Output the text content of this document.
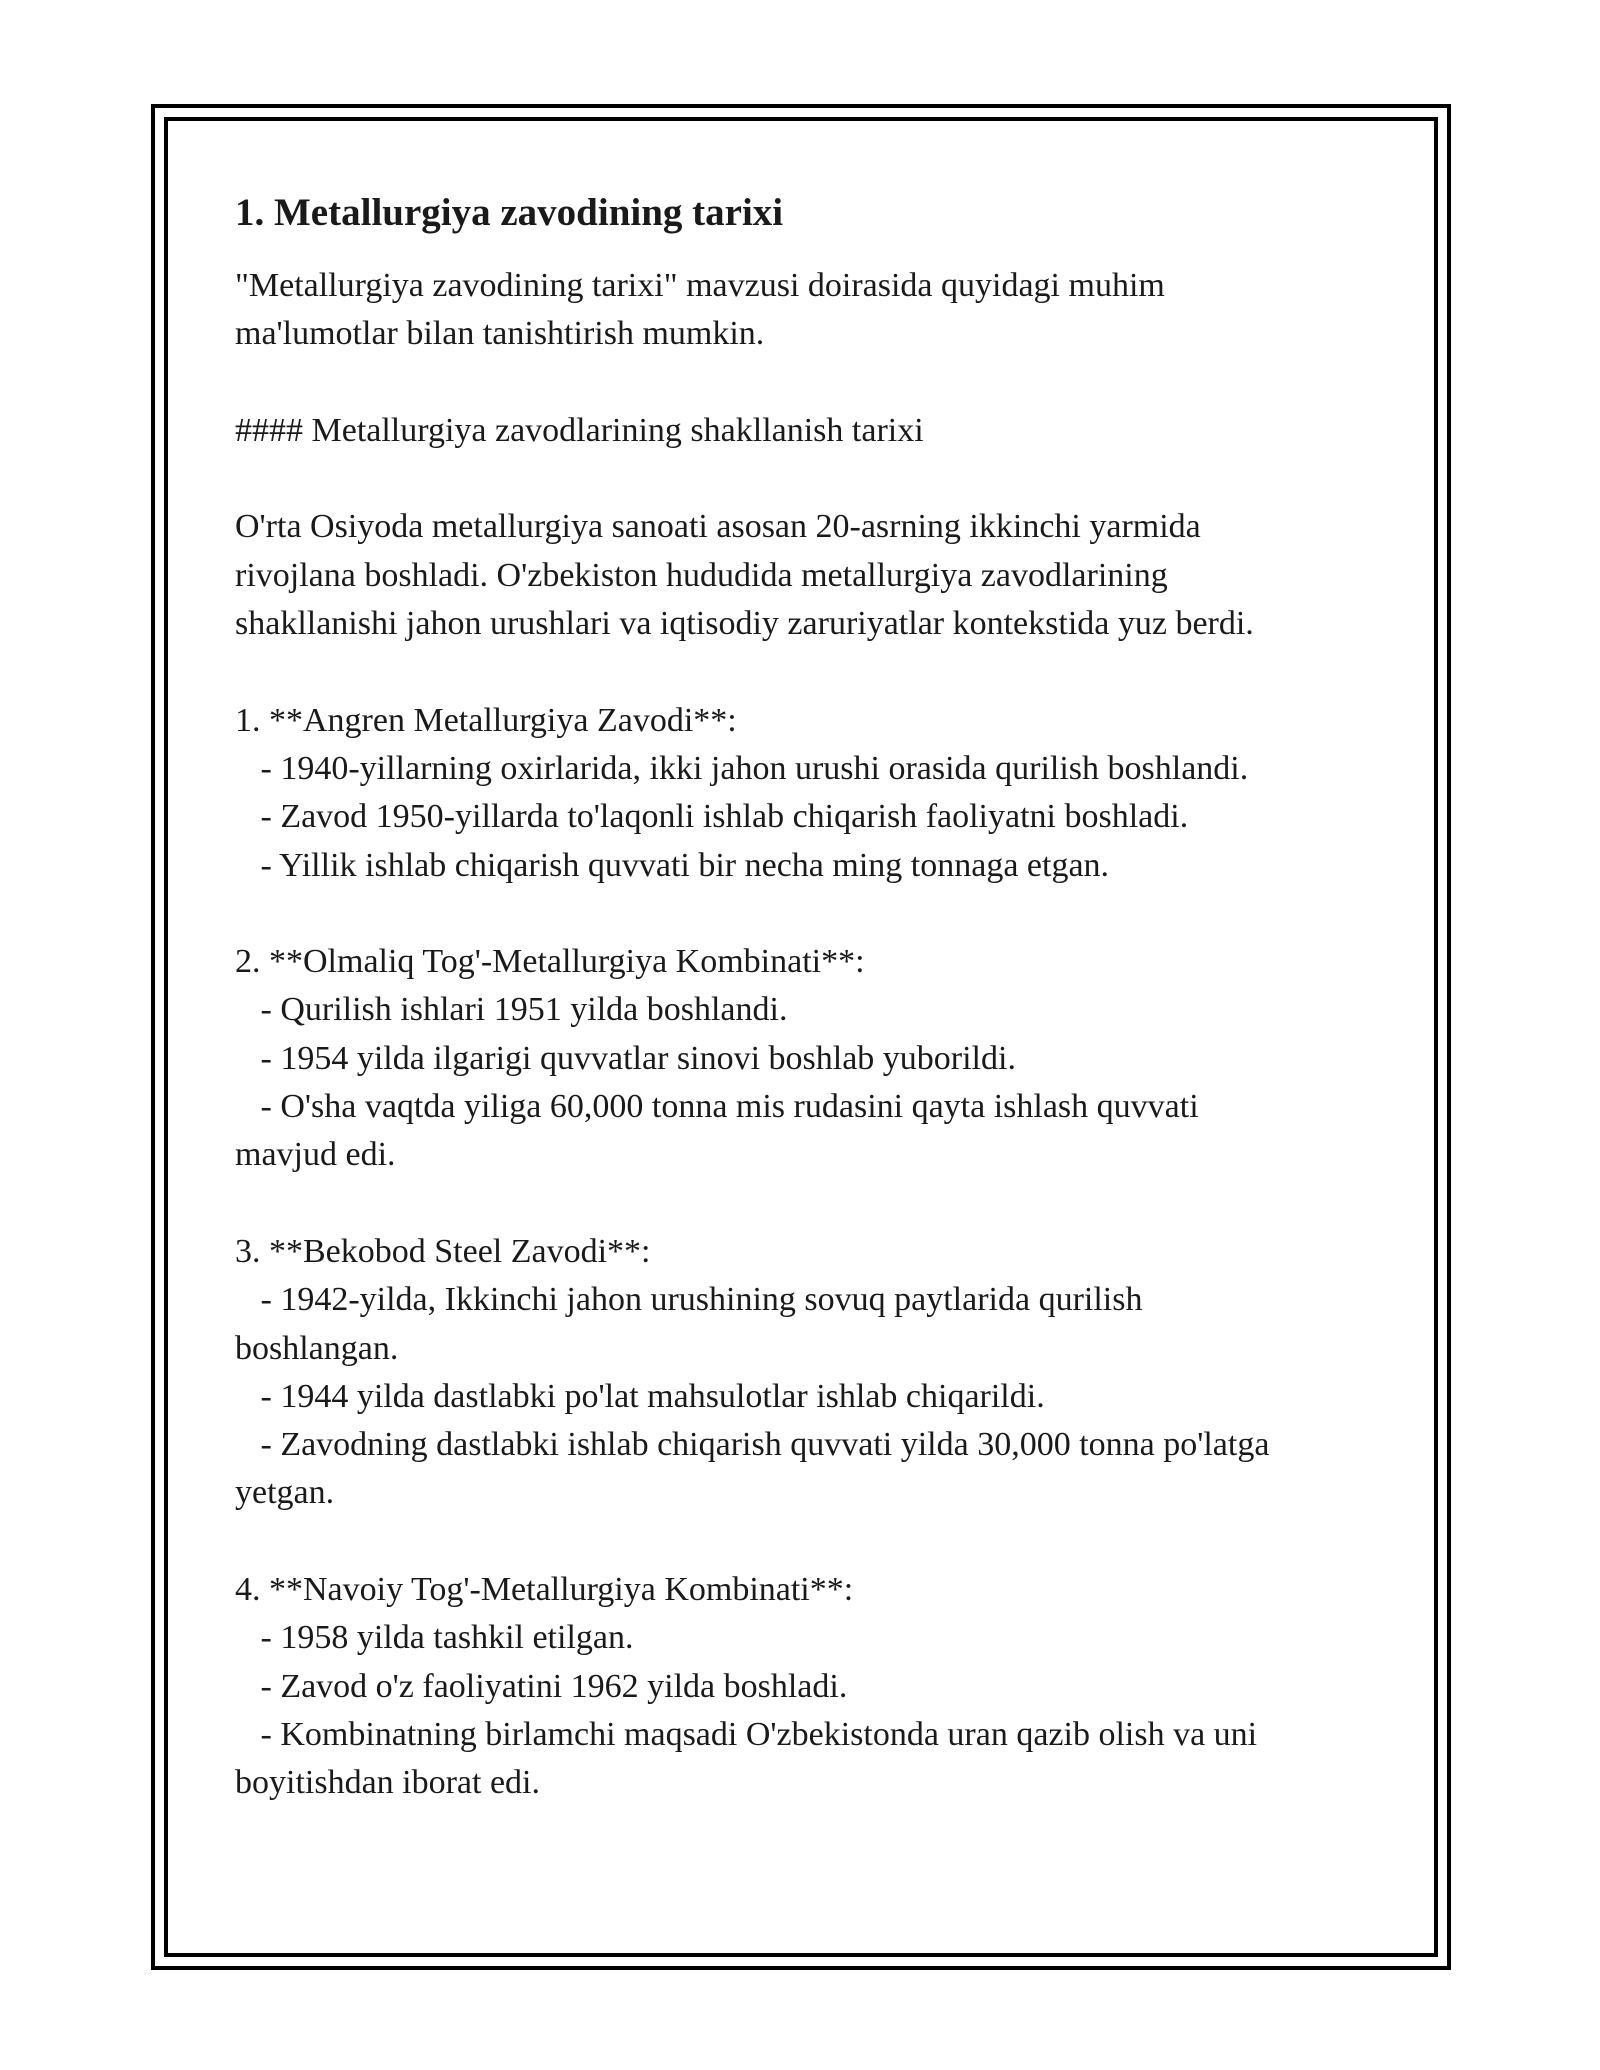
1. Metallurgiya zavodining tarixi

"Metallurgiya zavodining tarixi" mavzusi doirasida quyidagi muhim
ma'lumotlar bilan tanishtirish mumkin.

#### Metallurgiya zavodlarining shakllanish tarixi

O'rta Osiyoda metallurgiya sanoati asosan 20-asrning ikkinchi yarmida
rivojlana boshladi. O'zbekiston hududida metallurgiya zavodlarining
shakllanishi jahon urushlari va iqtisodiy zaruriyatlar kontekstida yuz berdi.

1. **Angren Metallurgiya Zavodi**:

- 1940-yillarning oxirlarida, ikki jahon urushi orasida qurilish boshlandi.

- Zavod 1950-yillarda to'laqonli ishlab chiqarish faoliyatni boshladi.

- Yillik ishlab chiqarish quvvati bir necha ming tonnaga etgan.

2. **Olmaliq Tog'-Metallurgiya Kombinati**:

- Qurilish ishlari 1951 yilda boshlandi.

- 1954 yilda ilgarigi quvvatlar sinovi boshlab yuborildi.

- O'sha vaqtda yiliga 60,000 tonna mis rudasini qayta ishlash quvvati
mavjud edi.

3. **Bekobod Steel Zavodi**:

- 1942-yilda, Ikkinchi jahon urushining sovuq paytlarida qurilish
boshlangan.

- 1944 yilda dastlabki po'lat mahsulotlar ishlab chiqarildi.

- Zavodning dastlabki ishlab chiqarish quvvati yilda 30,000 tonna po'latga
yetgan.

4. **Navoiy Tog'-Metallurgiya Kombinati**:

- 1958 yilda tashkil etilgan.

- Zavod o'z faoliyatini 1962 yilda boshladi.

- Kombinatning birlamchi maqsadi O'zbekistonda uran qazib olish va uni
boyitishdan iborat edi.
